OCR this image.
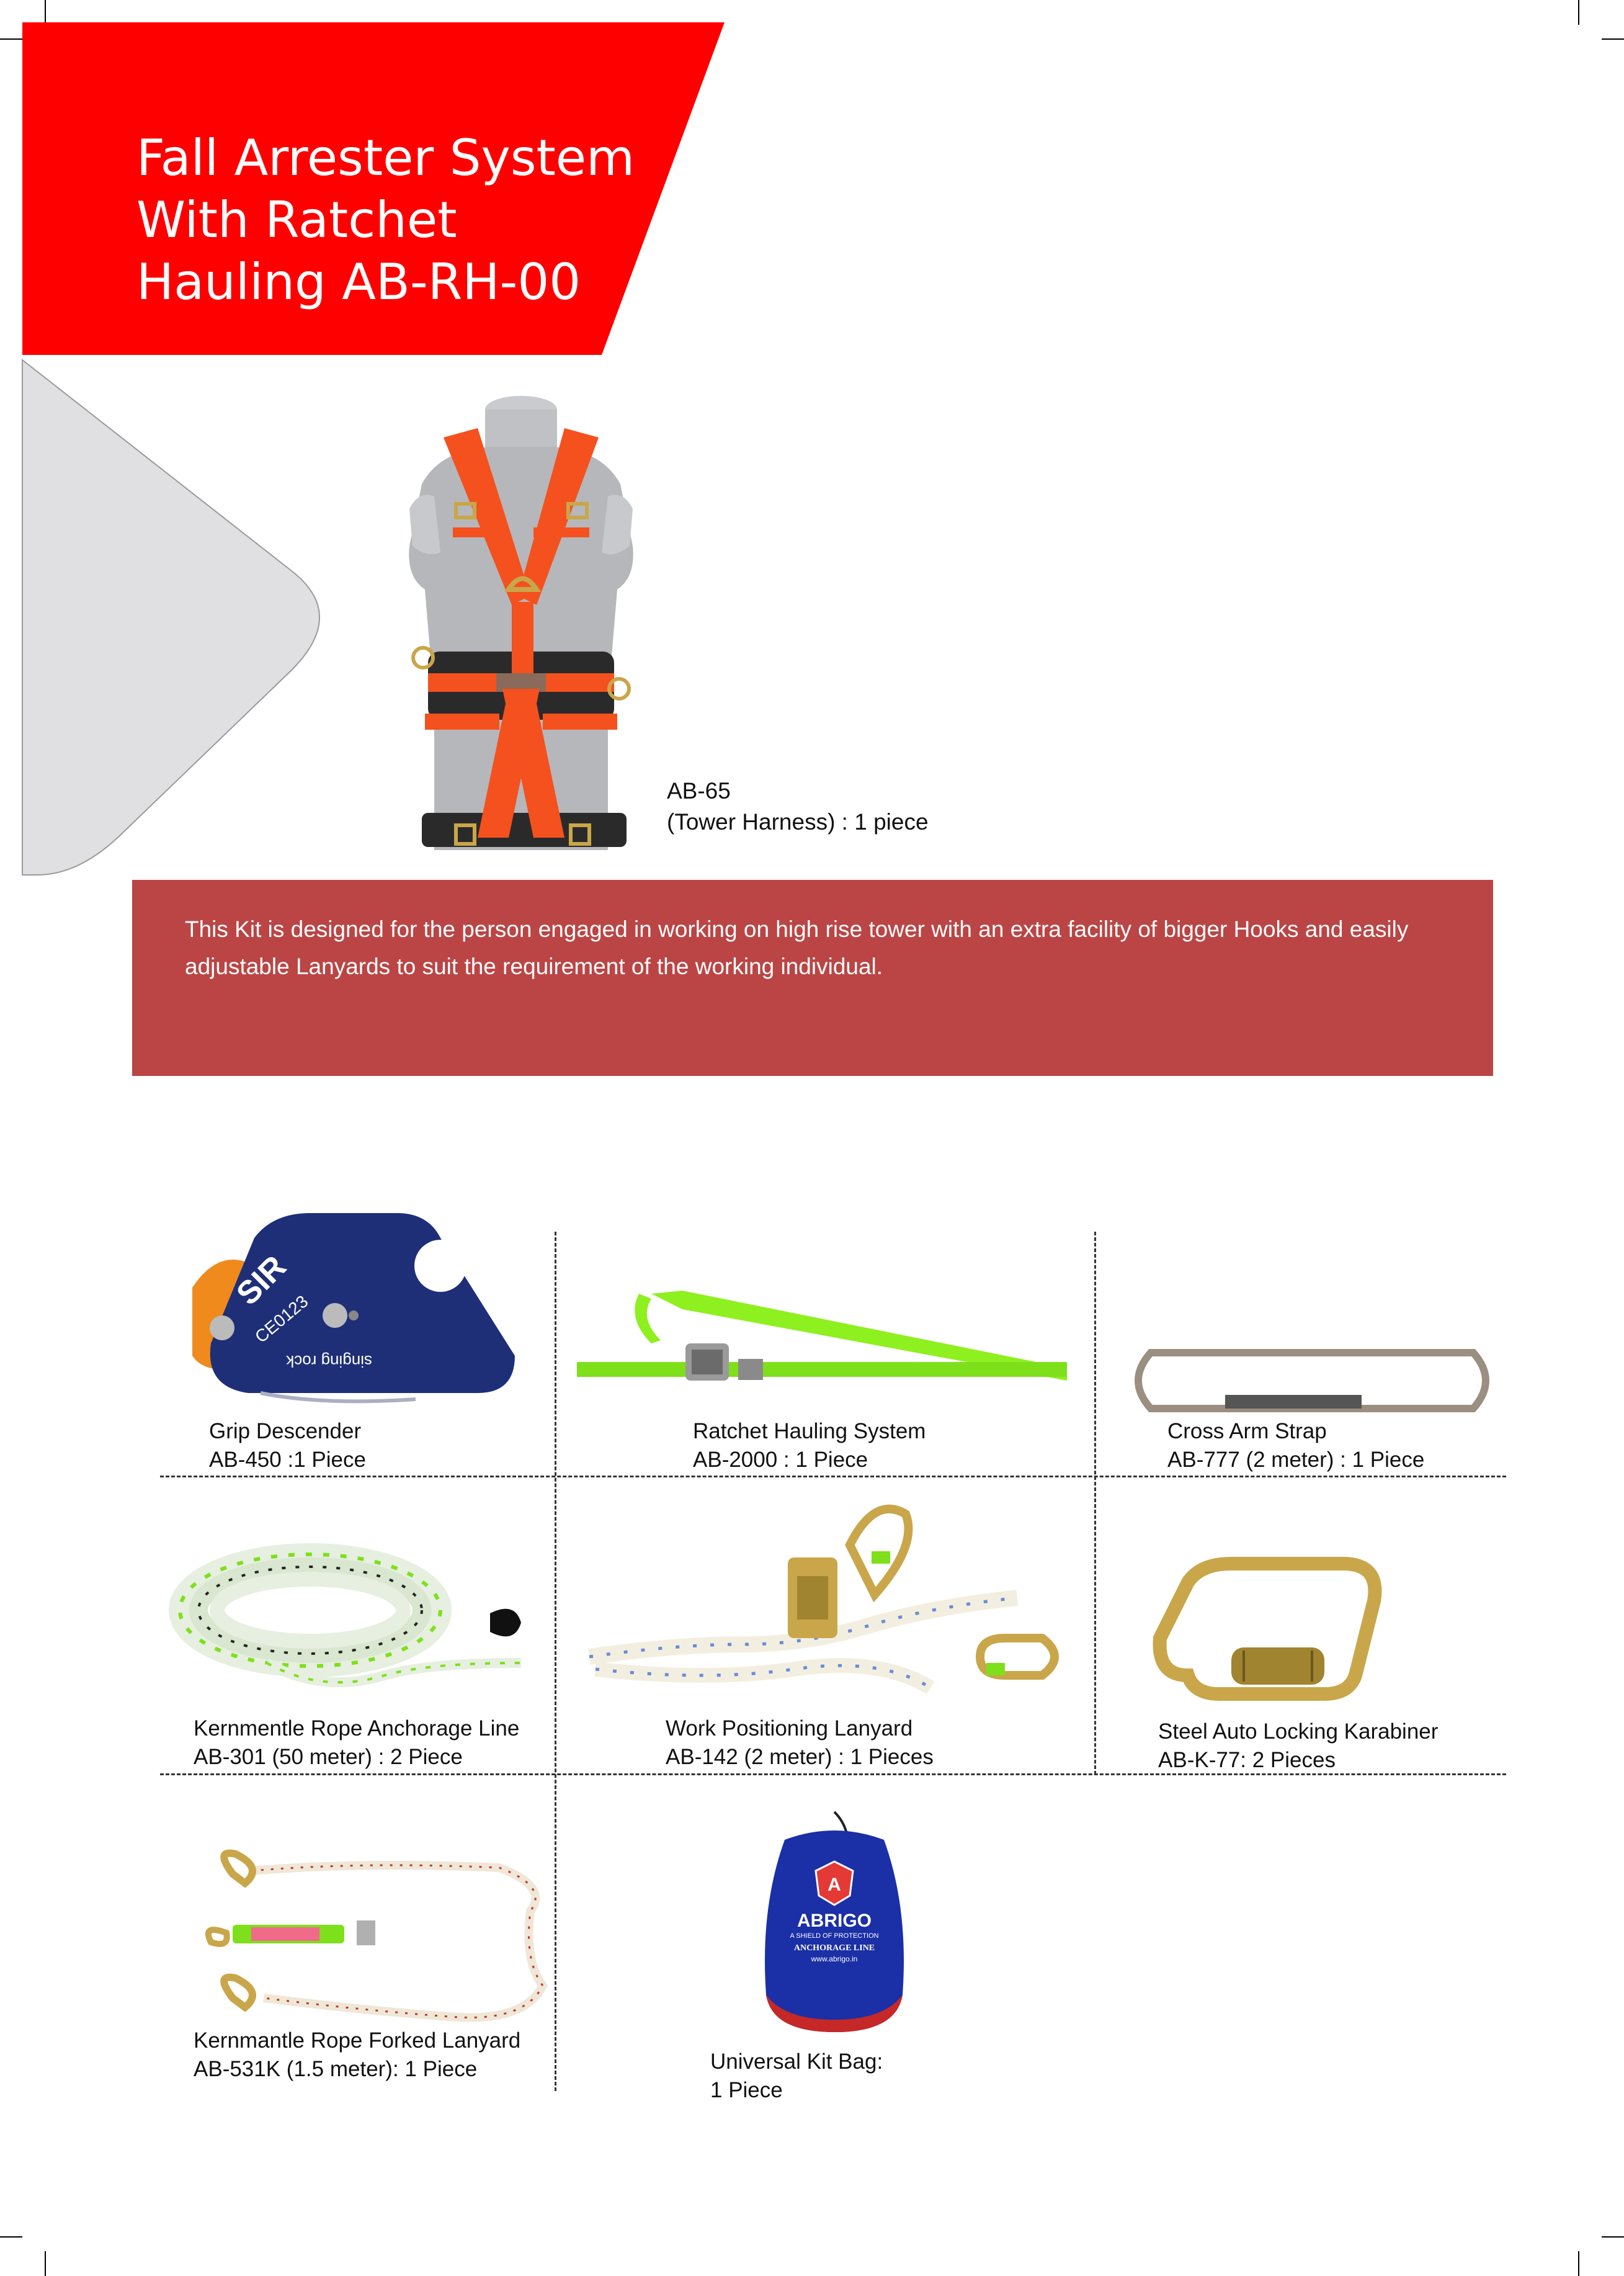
Fall Arrester System
With Ratchet
Hauling AB-RH-00
AB-65
(Tower Harness) : 1 piece

This Kit is designed for the person engaged in working on high rise tower with an extra facility of bigger Hooks and easily adjustable Lanyards to suit the requirement of the working individual.

SIR
CE0123
singing rock
Grip Descender
AB-450 :1 Piece
Ratchet Hauling System
AB-2000 : 1 Piece
Cross Arm Strap
AB-777 (2 meter) : 1 Piece
Kernmentle Rope Anchorage Line
AB-301 (50 meter) : 2 Piece
Work Positioning Lanyard
AB-142 (2 meter) : 1 Pieces
Steel Auto Locking Karabiner
AB-K-77: 2 Pieces
Kernmantle Rope Forked Lanyard
AB-531K (1.5 meter): 1 Piece
A
ABRIGO
A SHIELD OF PROTECTION
ANCHORAGE LINE
www.abrigo.in
Universal Kit Bag:
1 Piece
